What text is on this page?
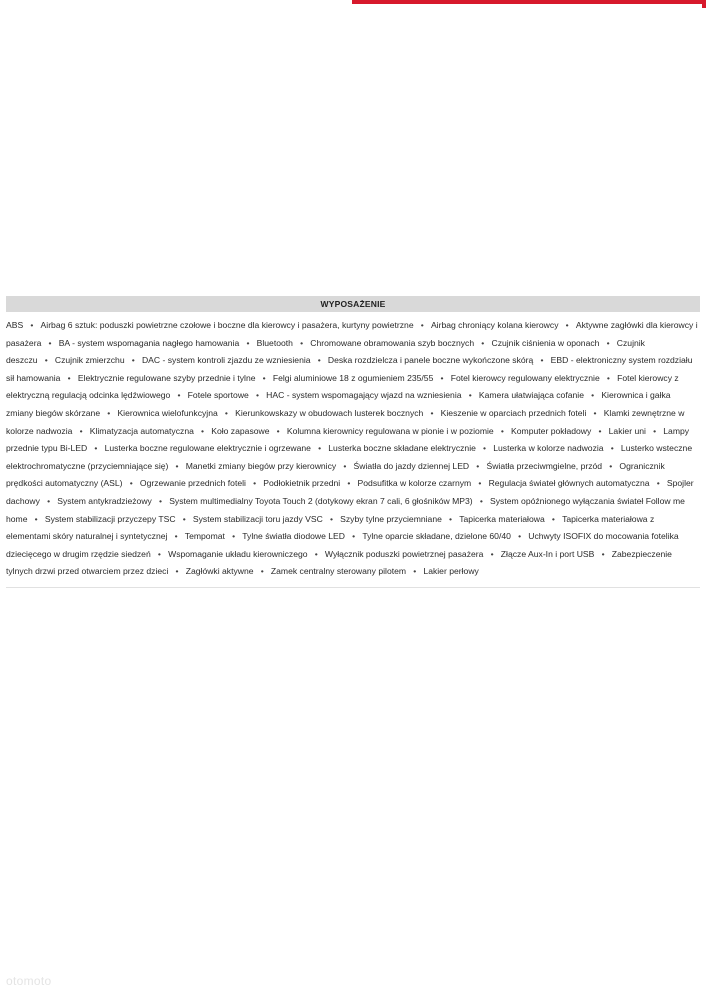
WYPOSAŻENIE
ABS   • Airbag 6 sztuk: poduszki powietrzne czołowe i boczne dla kierowcy i pasażera, kurtyny powietrzne   • Airbag chroniący kolana kierowcy   • Aktywne zagłówki dla kierowcy i pasażera   • BA - system wspomagania nagłego hamowania   • Bluetooth   • Chromowane obramowania szyb bocznych   • Czujnik ciśnienia w oponach   • Czujnik deszczu   • Czujnik zmierzchu   • DAC - system kontroli zjazdu ze wzniesienia   • Deska rozdzielcza i panele boczne wykończone skórą   • EBD - elektroniczny system rozdziału sił hamowania   • Elektrycznie regulowane szyby przednie i tylne   • Felgi aluminiowe 18 z ogumieniem 235/55   • Fotel kierowcy regulowany elektrycznie   • Fotel kierowcy z elektryczną regulacją odcinka lędźwiowego   • Fotele sportowe   • HAC - system wspomagający wjazd na wzniesienia   • Kamera ułatwiająca cofanie   • Kierownica i gałka zmiany biegów skórzane   • Kierownica wielofunkcyjna   • Kierunkowskazy w obudowach lusterek bocznych   • Kieszenie w oparciach przednich foteli   • Klamki zewnętrzne w kolorze nadwozia   • Klimatyzacja automatyczna   • Koło zapasowe   • Kolumna kierownicy regulowana w pionie i w poziomie   • Komputer pokładowy   • Lakier uni   • Lampy przednie typu Bi-LED   • Lusterka boczne regulowane elektrycznie i ogrzewane   • Lusterka boczne składane elektrycznie   • Lusterka w kolorze nadwozia   • Lusterko wsteczne elektrochromatyczne (przyciemniające się)   • Manetki zmiany biegów przy kierownicy   • Światła do jazdy dziennej LED   • Światła przeciwmgielne, przód   • Ogranicznik prędkości automatyczny (ASL)   • Ogrzewanie przednich foteli   • Podłokietnik przedni   • Podsufitka w kolorze czarnym   • Regulacja świateł głównych automatyczna   • Spojler dachowy   • System antykradzieżowy   • System multimedialny Toyota Touch 2 (dotykowy ekran 7 cali, 6 głośników MP3)   • System opóźnionego wyłączania świateł Follow me home   • System stabilizacji przyczepy TSC   • System stabilizacji toru jazdy VSC   • Szyby tylne przyciemniane   • Tapicerka materiałowa   • Tapicerka materiałowa z elementami skóry naturalnej i syntetycznej   • Tempomat   • Tylne światła diodowe LED   • Tylne oparcie składane, dzielone 60/40   • Uchwyty ISOFIX do mocowania fotelika dziecięcego w drugim rzędzie siedzeń   • Wspomaganie układu kierowniczego   • Wyłącznik poduszki powietrznej pasażera   • Złącze Aux-In i port USB   • Zabezpieczenie tylnych drzwi przed otwarciem przez dzieci   • Zagłówki aktywne   • Zamek centralny sterowany pilotem   • Lakier perłowy
otomoto
